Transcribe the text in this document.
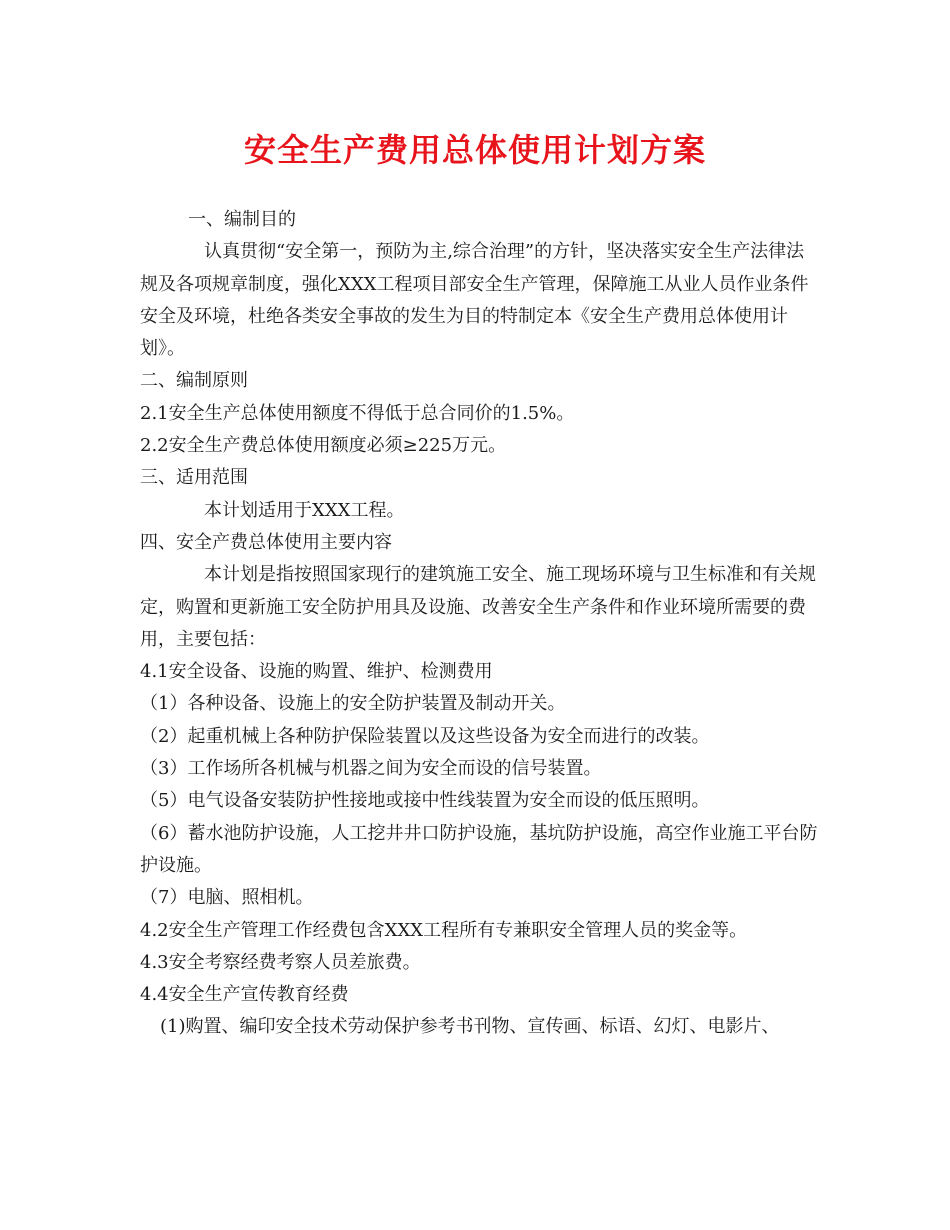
安全生产费用总体使用计划方案

一、编制目的

认真贯彻“安全第一，预防为主,综合治理”的方针，坚决落实安全生产法律法规及各项规章制度，强化XXX工程项目部安全生产管理，保障施工从业人员作业条件安全及环境，杜绝各类安全事故的发生为目的特制定本《安全生产费用总体使用计划》。

二、编制原则

2.1安全生产总体使用额度不得低于总合同价的1.5%。

2.2安全生产费总体使用额度必须≥225万元。

三、适用范围

本计划适用于XXX工程。

四、安全产费总体使用主要内容

本计划是指按照国家现行的建筑施工安全、施工现场环境与卫生标准和有关规定，购置和更新施工安全防护用具及设施、改善安全生产条件和作业环境所需要的费用，主要包括：

4.1安全设备、设施的购置、维护、检测费用

（1）各种设备、设施上的安全防护装置及制动开关。

（2）起重机械上各种防护保险装置以及这些设备为安全而进行的改装。

（3）工作场所各机械与机器之间为安全而设的信号装置。

（5）电气设备安装防护性接地或接中性线装置为安全而设的低压照明。

（6）蓄水池防护设施，人工挖井井口防护设施，基坑防护设施，高空作业施工平台防护设施。

（7）电脑、照相机。

4.2安全生产管理工作经费包含XXX工程所有专兼职安全管理人员的奖金等。

4.3安全考察经费考察人员差旅费。

4.4安全生产宣传教育经费

(1)购置、编印安全技术劳动保护参考书刊物、宣传画、标语、幻灯、电影片、
